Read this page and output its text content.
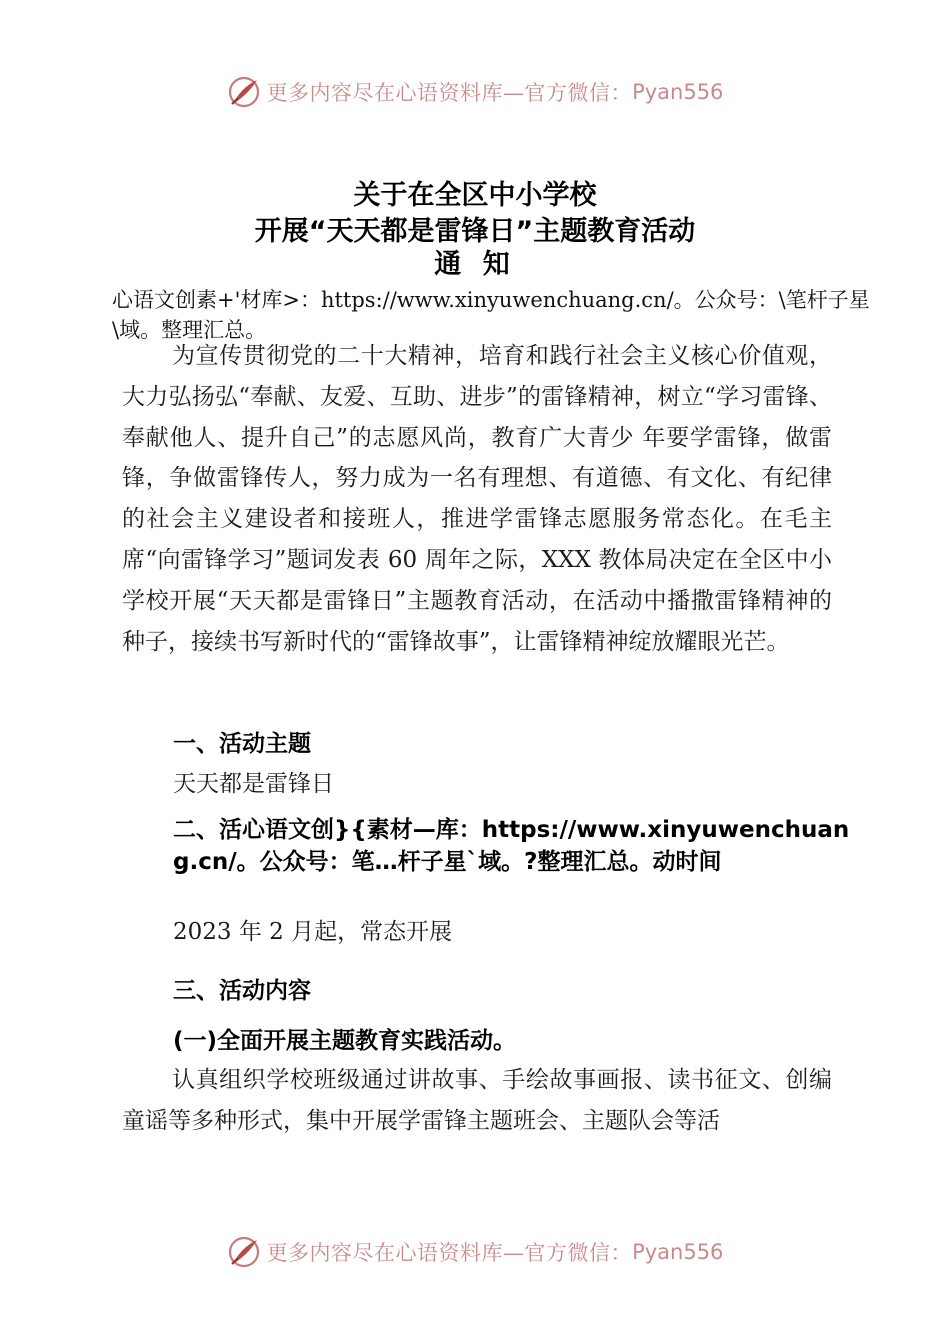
更多内容尽在心语资料库—官方微信： Pyan556

关于在全区中小学校

开展“天天都是雷锋日”主题教育活动

通 知

心语文创素+'材库>：https://www.xinyuwenchuang.cn/。公众号：\笔杆子星\域。整理汇总。
为宣传贯彻党的二十大精神，培育和践行社会主义核心价值观，大力弘扬弘“奉献、友爱、互助、进步”的雷锋精神，树立“学习雷锋、奉献他人、提升自己”的志愿风尚，教育广大青少 年要学雷锋，做雷锋，争做雷锋传人，努力成为一名有理想、有道德、有文化、有纪律的社会主义建设者和接班人，推进学雷锋志愿服务常态化。在毛主席“向雷锋学习”题词发表 60 周年之际，XXX 教体局决定在全区中小学校开展“天天都是雷锋日”主题教育活动，在活动中播撒雷锋精神的种子，接续书写新时代的“雷锋故事”，让雷锋精神绽放耀眼光芒。
一、活动主题
天天都是雷锋日
二、活心语文创}{素材—库：https://www.xinyuwenchuang.cn/。公众号：笔…杆子星`域。?整理汇总。动时间
2023 年 2 月起，常态开展
三、活动内容
(一)全面开展主题教育实践活动。
认真组织学校班级通过讲故事、手绘故事画报、读书征文、创编童谣等多种形式，集中开展学雷锋主题班会、主题队会等活
更多内容尽在心语资料库—官方微信： Pyan556
